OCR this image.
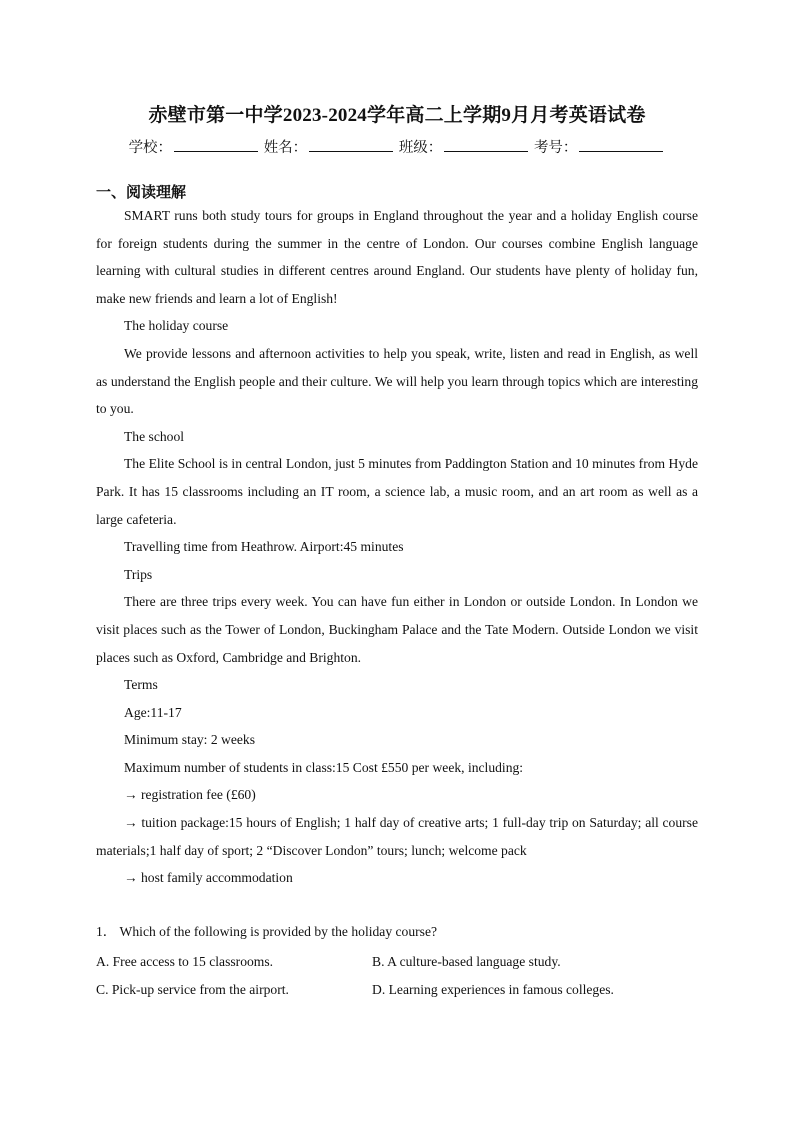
赤壁市第一中学2023-2024学年高二上学期9月月考英语试卷
学校：	姓名：	班级：	考号：
一、阅读理解

SMART runs both study tours for groups in England throughout the year and a holiday English course for foreign students during the summer in the centre of London. Our courses combine English language learning with cultural studies in different centres around England. Our students have plenty of holiday fun, make new friends and learn a lot of English!

The holiday course

We provide lessons and afternoon activities to help you speak, write, listen and read in English, as well as understand the English people and their culture. We will help you learn through topics which are interesting to you.

The school

The Elite School is in central London, just 5 minutes from Paddington Station and 10 minutes from Hyde Park. It has 15 classrooms including an IT room, a science lab, a music room, and an art room as well as a large cafeteria.

Travelling time from Heathrow. Airport:45 minutes

Trips

There are three trips every week. You can have fun either in London or outside London. In London we visit places such as the Tower of London, Buckingham Palace and the Tate Modern. Outside London we visit places such as Oxford, Cambridge and Brighton.

Terms

Age:11-17

Minimum stay: 2 weeks

Maximum number of students in class:15 Cost £550 per week, including:

→ registration fee (£60)

→ tuition package:15 hours of English; 1 half day of creative arts; 1 full-day trip on Saturday; all course materials;1 half day of sport; 2 “Discover London” tours; lunch; welcome pack

→ host family accommodation

1． Which of the following is provided by the holiday course?
A. Free access to 15 classrooms.	B. A culture-based language study.
C. Pick-up service from the airport.	D. Learning experiences in famous colleges.
